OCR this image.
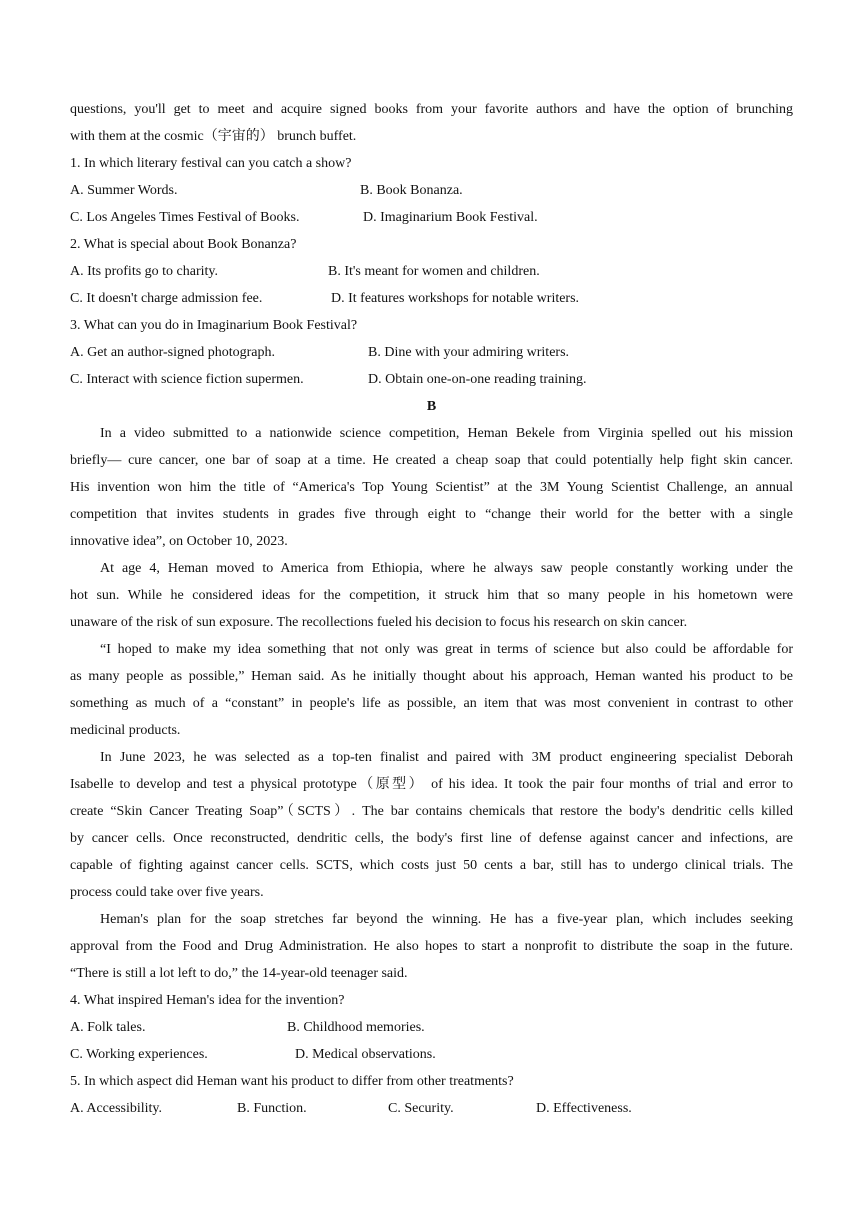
questions, you'll get to meet and acquire signed books from your favorite authors and have the option of brunching
with them at the cosmic（宇宙的） brunch buffet.
1. In which literary festival can you catch a show?
A. Summer Words.	B. Book Bonanza.
C. Los Angeles Times Festival of Books.	D. Imaginarium Book Festival.
2. What is special about Book Bonanza?
A. Its profits go to charity.	B. It's meant for women and children.
C. It doesn't charge admission fee.	D. It features workshops for notable writers.
3. What can you do in Imaginarium Book Festival?
A. Get an author-signed photograph.	B. Dine with your admiring writers.
C. Interact with science fiction supermen.	D. Obtain one-on-one reading training.
B
In a video submitted to a nationwide science competition, Heman Bekele from Virginia spelled out his mission
briefly— cure cancer, one bar of soap at a time. He created a cheap soap that could potentially help fight skin cancer.
His invention won him the title of “America's Top Young Scientist” at the 3M Young Scientist Challenge, an annual
competition that invites students in grades five through eight to “change their world for the better with a single
innovative idea”, on October 10, 2023.
At age 4, Heman moved to America from Ethiopia, where he always saw people constantly working under the
hot sun. While he considered ideas for the competition, it struck him that so many people in his hometown were
unaware of the risk of sun exposure. The recollections fueled his decision to focus his research on skin cancer.
“I hoped to make my idea something that not only was great in terms of science but also could be affordable for
as many people as possible,” Heman said. As he initially thought about his approach, Heman wanted his product to be
something as much of a “constant” in people's life as possible, an item that was most convenient in contrast to other
medicinal products.
In June 2023, he was selected as a top-ten finalist and paired with 3M product engineering specialist Deborah
Isabelle to develop and test a physical prototype（原型） of his idea. It took the pair four months of trial and error to
create “Skin Cancer Treating Soap”（SCTS）. The bar contains chemicals that restore the body's dendritic cells killed
by cancer cells. Once reconstructed, dendritic cells, the body's first line of defense against cancer and infections, are
capable of fighting against cancer cells. SCTS, which costs just 50 cents a bar, still has to undergo clinical trials. The
process could take over five years.
Heman's plan for the soap stretches far beyond the winning. He has a five-year plan, which includes seeking
approval from the Food and Drug Administration. He also hopes to start a nonprofit to distribute the soap in the future.
“There is still a lot left to do,” the 14-year-old teenager said.
4. What inspired Heman's idea for the invention?
A. Folk tales.	B. Childhood memories.
C. Working experiences.	D. Medical observations.
5. In which aspect did Heman want his product to differ from other treatments?
A. Accessibility.	B. Function.	C. Security.	D. Effectiveness.
